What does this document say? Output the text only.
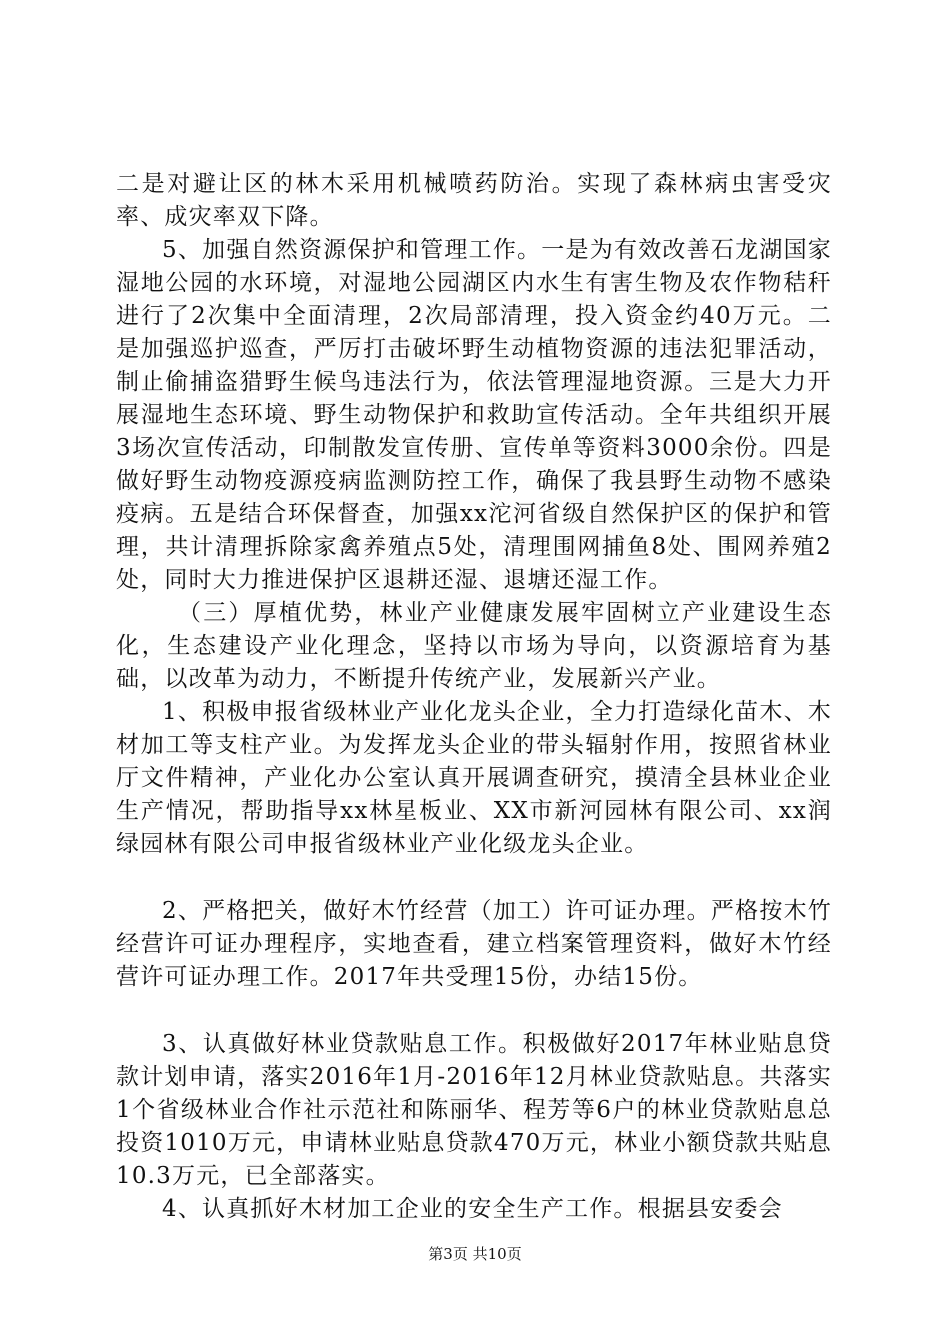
二是对避让区的林木采用机械喷药防治。实现了森林病虫害受灾率、成灾率双下降。

5、加强自然资源保护和管理工作。一是为有效改善石龙湖国家湿地公园的水环境，对湿地公园湖区内水生有害生物及农作物秸秆进行了2次集中全面清理，2次局部清理，投入资金约40万元。二是加强巡护巡查，严厉打击破坏野生动植物资源的违法犯罪活动，制止偷捕盗猎野生候鸟违法行为，依法管理湿地资源。三是大力开展湿地生态环境、野生动物保护和救助宣传活动。全年共组织开展3场次宣传活动，印制散发宣传册、宣传单等资料3000余份。四是做好野生动物疫源疫病监测防控工作，确保了我县野生动物不感染疫病。五是结合环保督查，加强xx沱河省级自然保护区的保护和管理，共计清理拆除家禽养殖点5处，清理围网捕鱼8处、围网养殖2处，同时大力推进保护区退耕还湿、退塘还湿工作。

（三）厚植优势，林业产业健康发展牢固树立产业建设生态化，生态建设产业化理念，坚持以市场为导向，以资源培育为基础，以改革为动力，不断提升传统产业，发展新兴产业。

1、积极申报省级林业产业化龙头企业，全力打造绿化苗木、木材加工等支柱产业。为发挥龙头企业的带头辐射作用，按照省林业厅文件精神，产业化办公室认真开展调查研究，摸清全县林业企业生产情况，帮助指导xx林星板业、XX市新河园林有限公司、xx润绿园林有限公司申报省级林业产业化级龙头企业。

2、严格把关，做好木竹经营（加工）许可证办理。严格按木竹经营许可证办理程序，实地查看，建立档案管理资料，做好木竹经营许可证办理工作。2017年共受理15份，办结15份。

3、认真做好林业贷款贴息工作。积极做好2017年林业贴息贷款计划申请，落实2016年1月-2016年12月林业贷款贴息。共落实1个省级林业合作社示范社和陈丽华、程芳等6户的林业贷款贴息总投资1010万元，申请林业贴息贷款470万元，林业小额贷款共贴息10.3万元，已全部落实。

4、认真抓好木材加工企业的安全生产工作。根据县安委会

第3页 共10页
